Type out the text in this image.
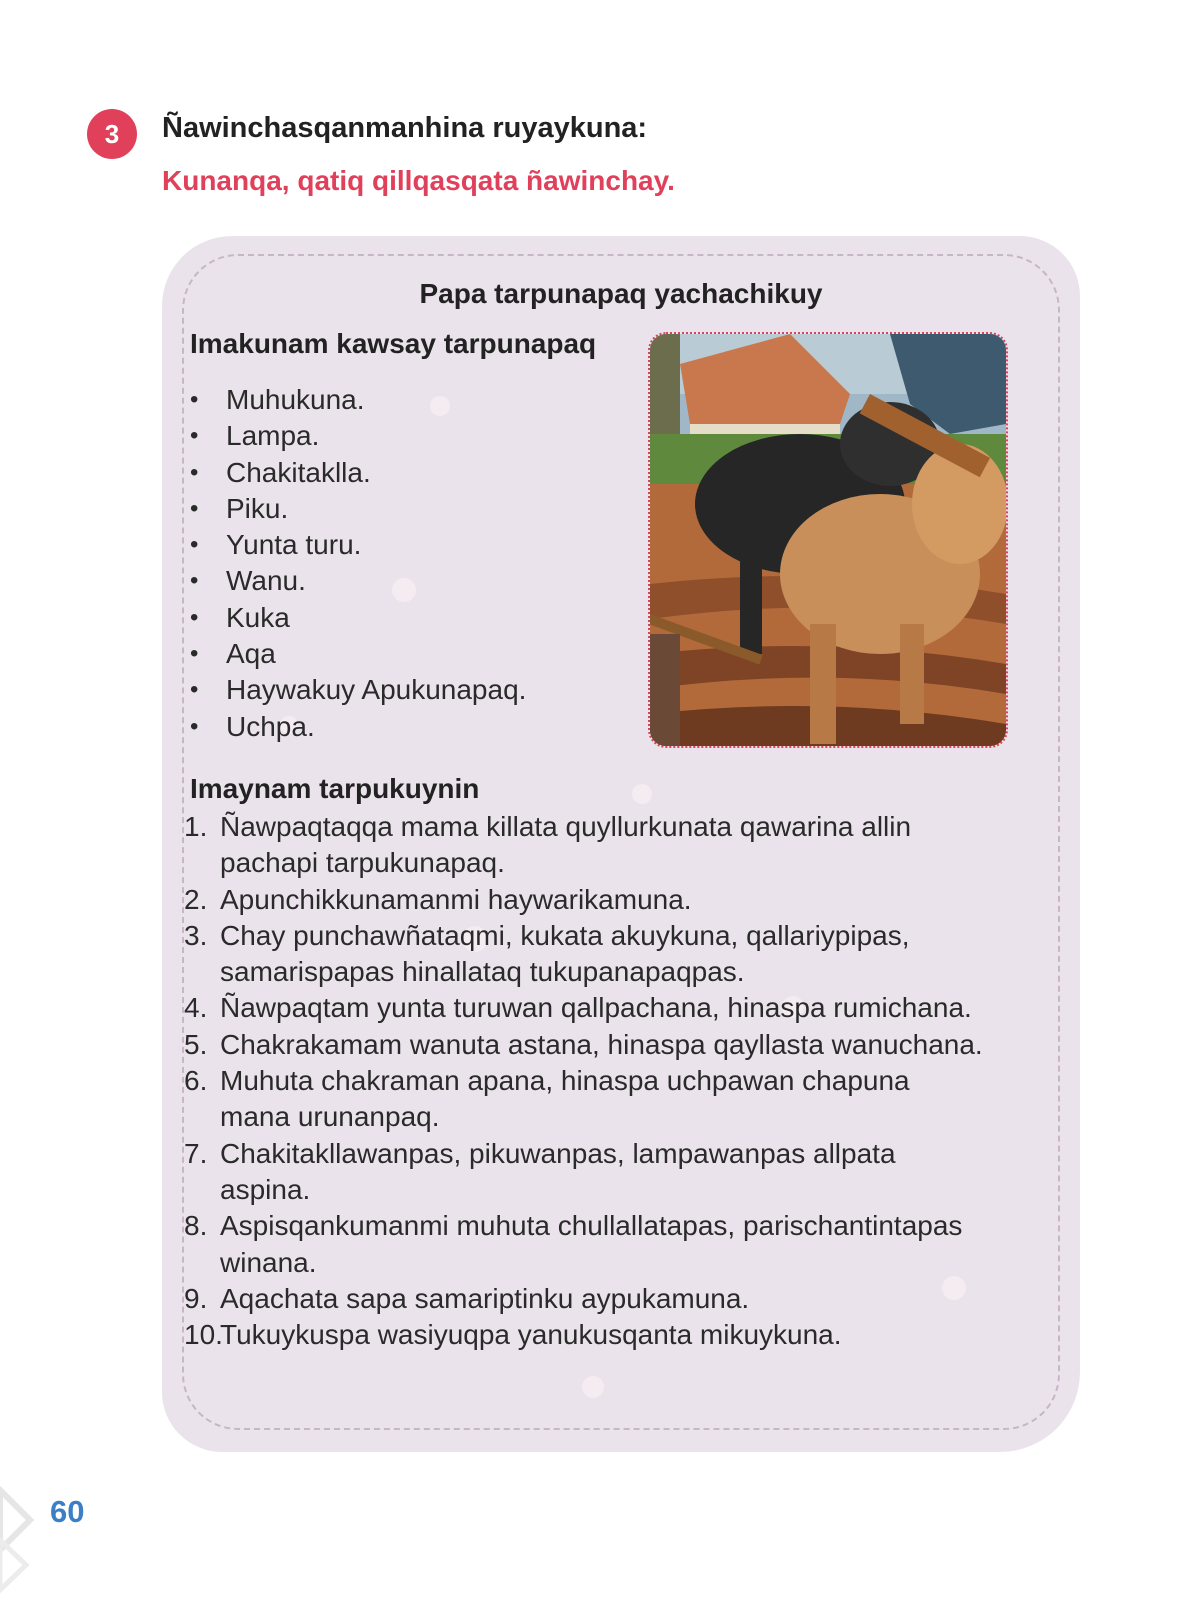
3	Ñawinchasqanmanhina ruyaykuna:
Kunanqa, qatiq qillqasqata ñawinchay.
Papa tarpunapaq yachachikuy
Imakunam kawsay tarpunapaq
• Muhukuna.
• Lampa.
• Chakitaklla.
• Piku.
• Yunta turu.
• Wanu.
• Kuka
• Aqa
• Haywakuy Apukunapaq.
• Uchpa.
Imaynam tarpukuynin
1. Ñawpaqtaqqa mama killata quyllurkunata qawarina allin
pachapi tarpukunapaq.
2. Apunchikkunamanmi haywarikamuna.
3. Chay punchawñataqmi, kukata akuykuna, qallariypipas,
samarispapas hinallataq tukupanapaqpas.
4. Ñawpaqtam yunta turuwan qallpachana, hinaspa rumichana.
5. Chakrakamam wanuta astana, hinaspa qayllasta wanuchana.
6. Muhuta chakraman apana, hinaspa uchpawan chapuna
mana urunanpaq.
7. Chakitakllawanpas, pikuwanpas, lampawanpas allpata
aspina.
8. Aspisqankumanmi muhuta chullallatapas, parischantintapas
winana.
9. Aqachata sapa samariptinku aypukamuna.
10.
Tukuykuspa wasiyuqpa yanukusqanta mikuykuna.
60
